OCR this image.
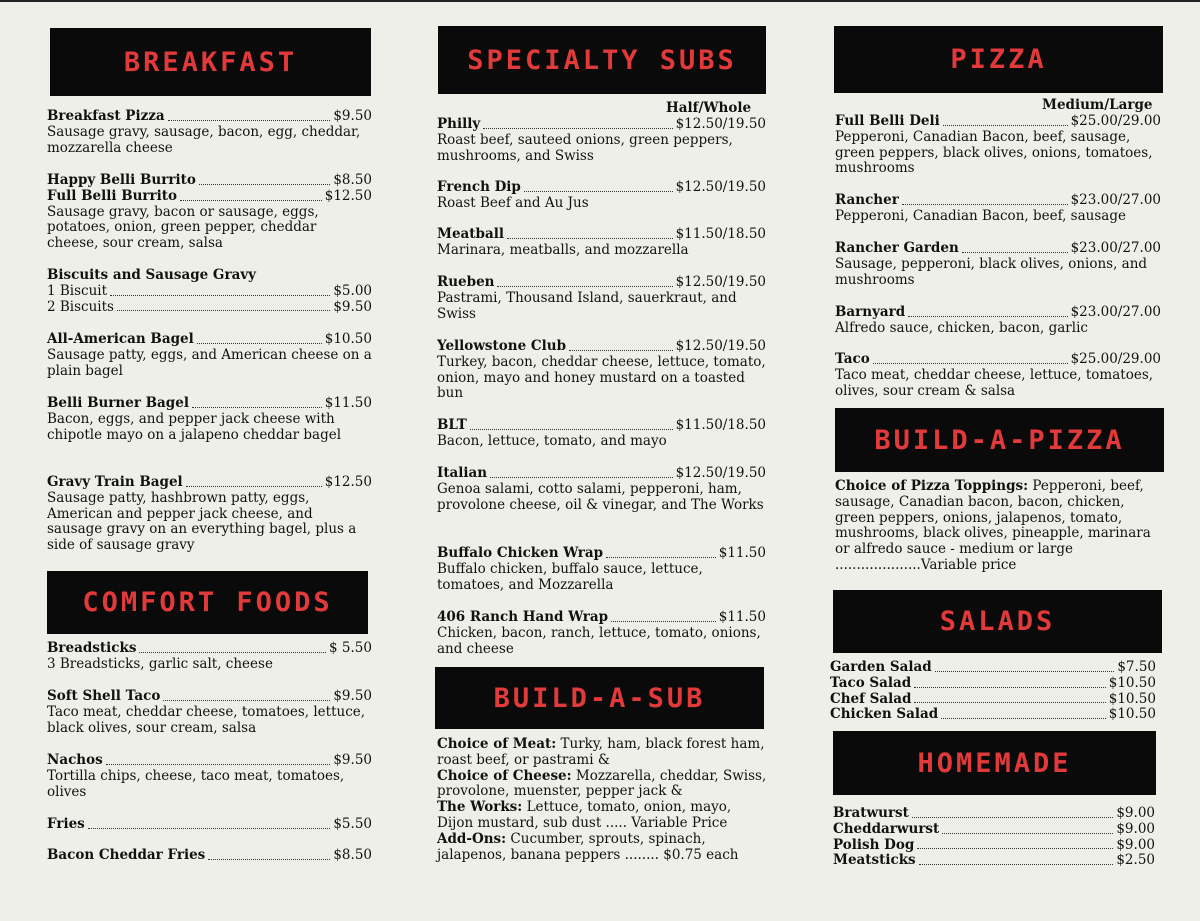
BREAKFAST
Breakfast Pizza	$9.50
Sausage gravy, sausage, bacon, egg, cheddar, mozzarella cheese
Happy Belli Burrito	$8.50
Full Belli Burrito	$12.50
Sausage gravy, bacon or sausage, eggs, potatoes, onion, green pepper, cheddar cheese, sour cream, salsa
Biscuits and Sausage Gravy
1 Biscuit	$5.00
2 Biscuits	$9.50
All-American Bagel	$10.50
Sausage patty, eggs, and American cheese on a plain bagel
Belli Burner Bagel	$11.50
Bacon, eggs, and pepper jack cheese with chipotle mayo on a jalapeno cheddar bagel
Gravy Train Bagel	$12.50
Sausage patty, hashbrown patty, eggs, American and pepper jack cheese, and sausage gravy on an everything bagel, plus a side of sausage gravy
COMFORT FOODS
Breadsticks	$ 5.50
3 Breadsticks, garlic salt, cheese
Soft Shell Taco	$9.50
Taco meat, cheddar cheese, tomatoes, lettuce, black olives, sour cream, salsa
Nachos	$9.50
Tortilla chips, cheese, taco meat, tomatoes, olives
Fries	$5.50
Bacon Cheddar Fries	$8.50
SPECIALTY SUBS
Half/Whole
Philly	$12.50/19.50
Roast beef, sauteed onions, green peppers, mushrooms, and Swiss
French Dip	$12.50/19.50
Roast Beef and Au Jus
Meatball	$11.50/18.50
Marinara, meatballs, and mozzarella
Rueben	$12.50/19.50
Pastrami, Thousand Island, sauerkraut, and Swiss
Yellowstone Club	$12.50/19.50
Turkey, bacon, cheddar cheese, lettuce, tomato, onion, mayo and honey mustard on a toasted bun
BLT	$11.50/18.50
Bacon, lettuce, tomato, and mayo
Italian	$12.50/19.50
Genoa salami, cotto salami, pepperoni, ham, provolone cheese, oil & vinegar, and The Works
Buffalo Chicken Wrap	$11.50
Buffalo chicken, buffalo sauce, lettuce, tomatoes, and Mozzarella
406 Ranch Hand Wrap	$11.50
Chicken, bacon, ranch, lettuce, tomato, onions, and cheese
BUILD-A-SUB
Choice of Meat: Turky, ham, black forest ham, roast beef, or pastrami &
Choice of Cheese: Mozzarella, cheddar, Swiss, provolone, muenster, pepper jack &
The Works: Lettuce, tomato, onion, mayo, Dijon mustard, sub dust ..... Variable Price
Add-Ons: Cucumber, sprouts, spinach, jalapenos, banana peppers ........ $0.75 each
PIZZA
Medium/Large
Full Belli Deli	$25.00/29.00
Pepperoni, Canadian Bacon, beef, sausage, green peppers, black olives, onions, tomatoes, mushrooms
Rancher	$23.00/27.00
Pepperoni, Canadian Bacon, beef, sausage
Rancher Garden	$23.00/27.00
Sausage, pepperoni, black olives, onions, and mushrooms
Barnyard	$23.00/27.00
Alfredo sauce, chicken, bacon, garlic
Taco	$25.00/29.00
Taco meat, cheddar cheese, lettuce, tomatoes, olives, sour cream & salsa
BUILD-A-PIZZA
Choice of Pizza Toppings: Pepperoni, beef, sausage, Canadian bacon, bacon, chicken, green peppers, onions, jalapenos, tomato, mushrooms, black olives, pineapple, marinara or alfredo sauce - medium or large ....................Variable price
SALADS
Garden Salad	$7.50
Taco Salad	$10.50
Chef Salad	$10.50
Chicken Salad	$10.50
HOMEMADE
Bratwurst	$9.00
Cheddarwurst	$9.00
Polish Dog	$9.00
Meatsticks	$2.50
